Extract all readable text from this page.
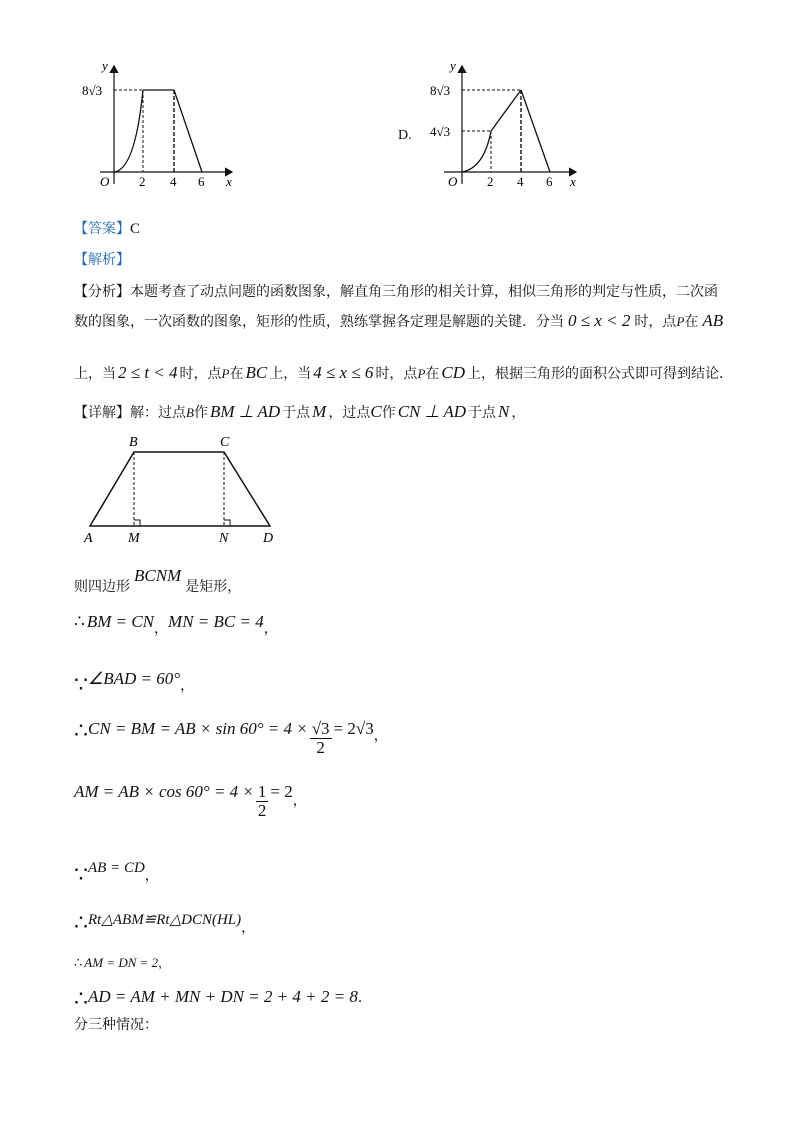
y
8√3
O 2 4 6 x
D.
y
8√3
4√3
O 2 4 6 x
【答案】 C
【解析】
【分析】 本题考查了动点问题的函数图象，解直角三角形的相关计算，相似三角形的判定与性质，二次函
数的图象，一次函数的图象，矩形的性质，熟练掌握各定理是解题的关键．分当 0 ≤ x < 2 时，点 P 在 AB
上，当 2 ≤ t < 4 时，点 P 在 BC 上，当 4 ≤ x ≤ 6 时，点 P 在 CD 上，根据三角形的面积公式即可得到结论．
【详解】 解：过点 B 作 BM ⊥ AD 于点 M ，过点 C 作 CN ⊥ AD 于点 N ，
B	C
A	M	N D
则四边形
BCNM
是矩形，
∴ BM = CN ， MN = BC = 4 ，
∵ ∠BAD = 60° ，
∴ CN = BM = AB × $\sin 60^\circ = 4 \times \frac{√3}{2} = 2√3$ ，
AM = AB × $\cos 60^\circ = 4 \times \frac{1}{2} = 2$ ，
∵ AB = CD ，
∴ Rt△ABM≌Rt△DCN(HL) ，
∴ AM = DN = 2 ，
∴ AD = AM + MN + DN = 2 + 4 + 2 = 8 ．
分三种情况：
